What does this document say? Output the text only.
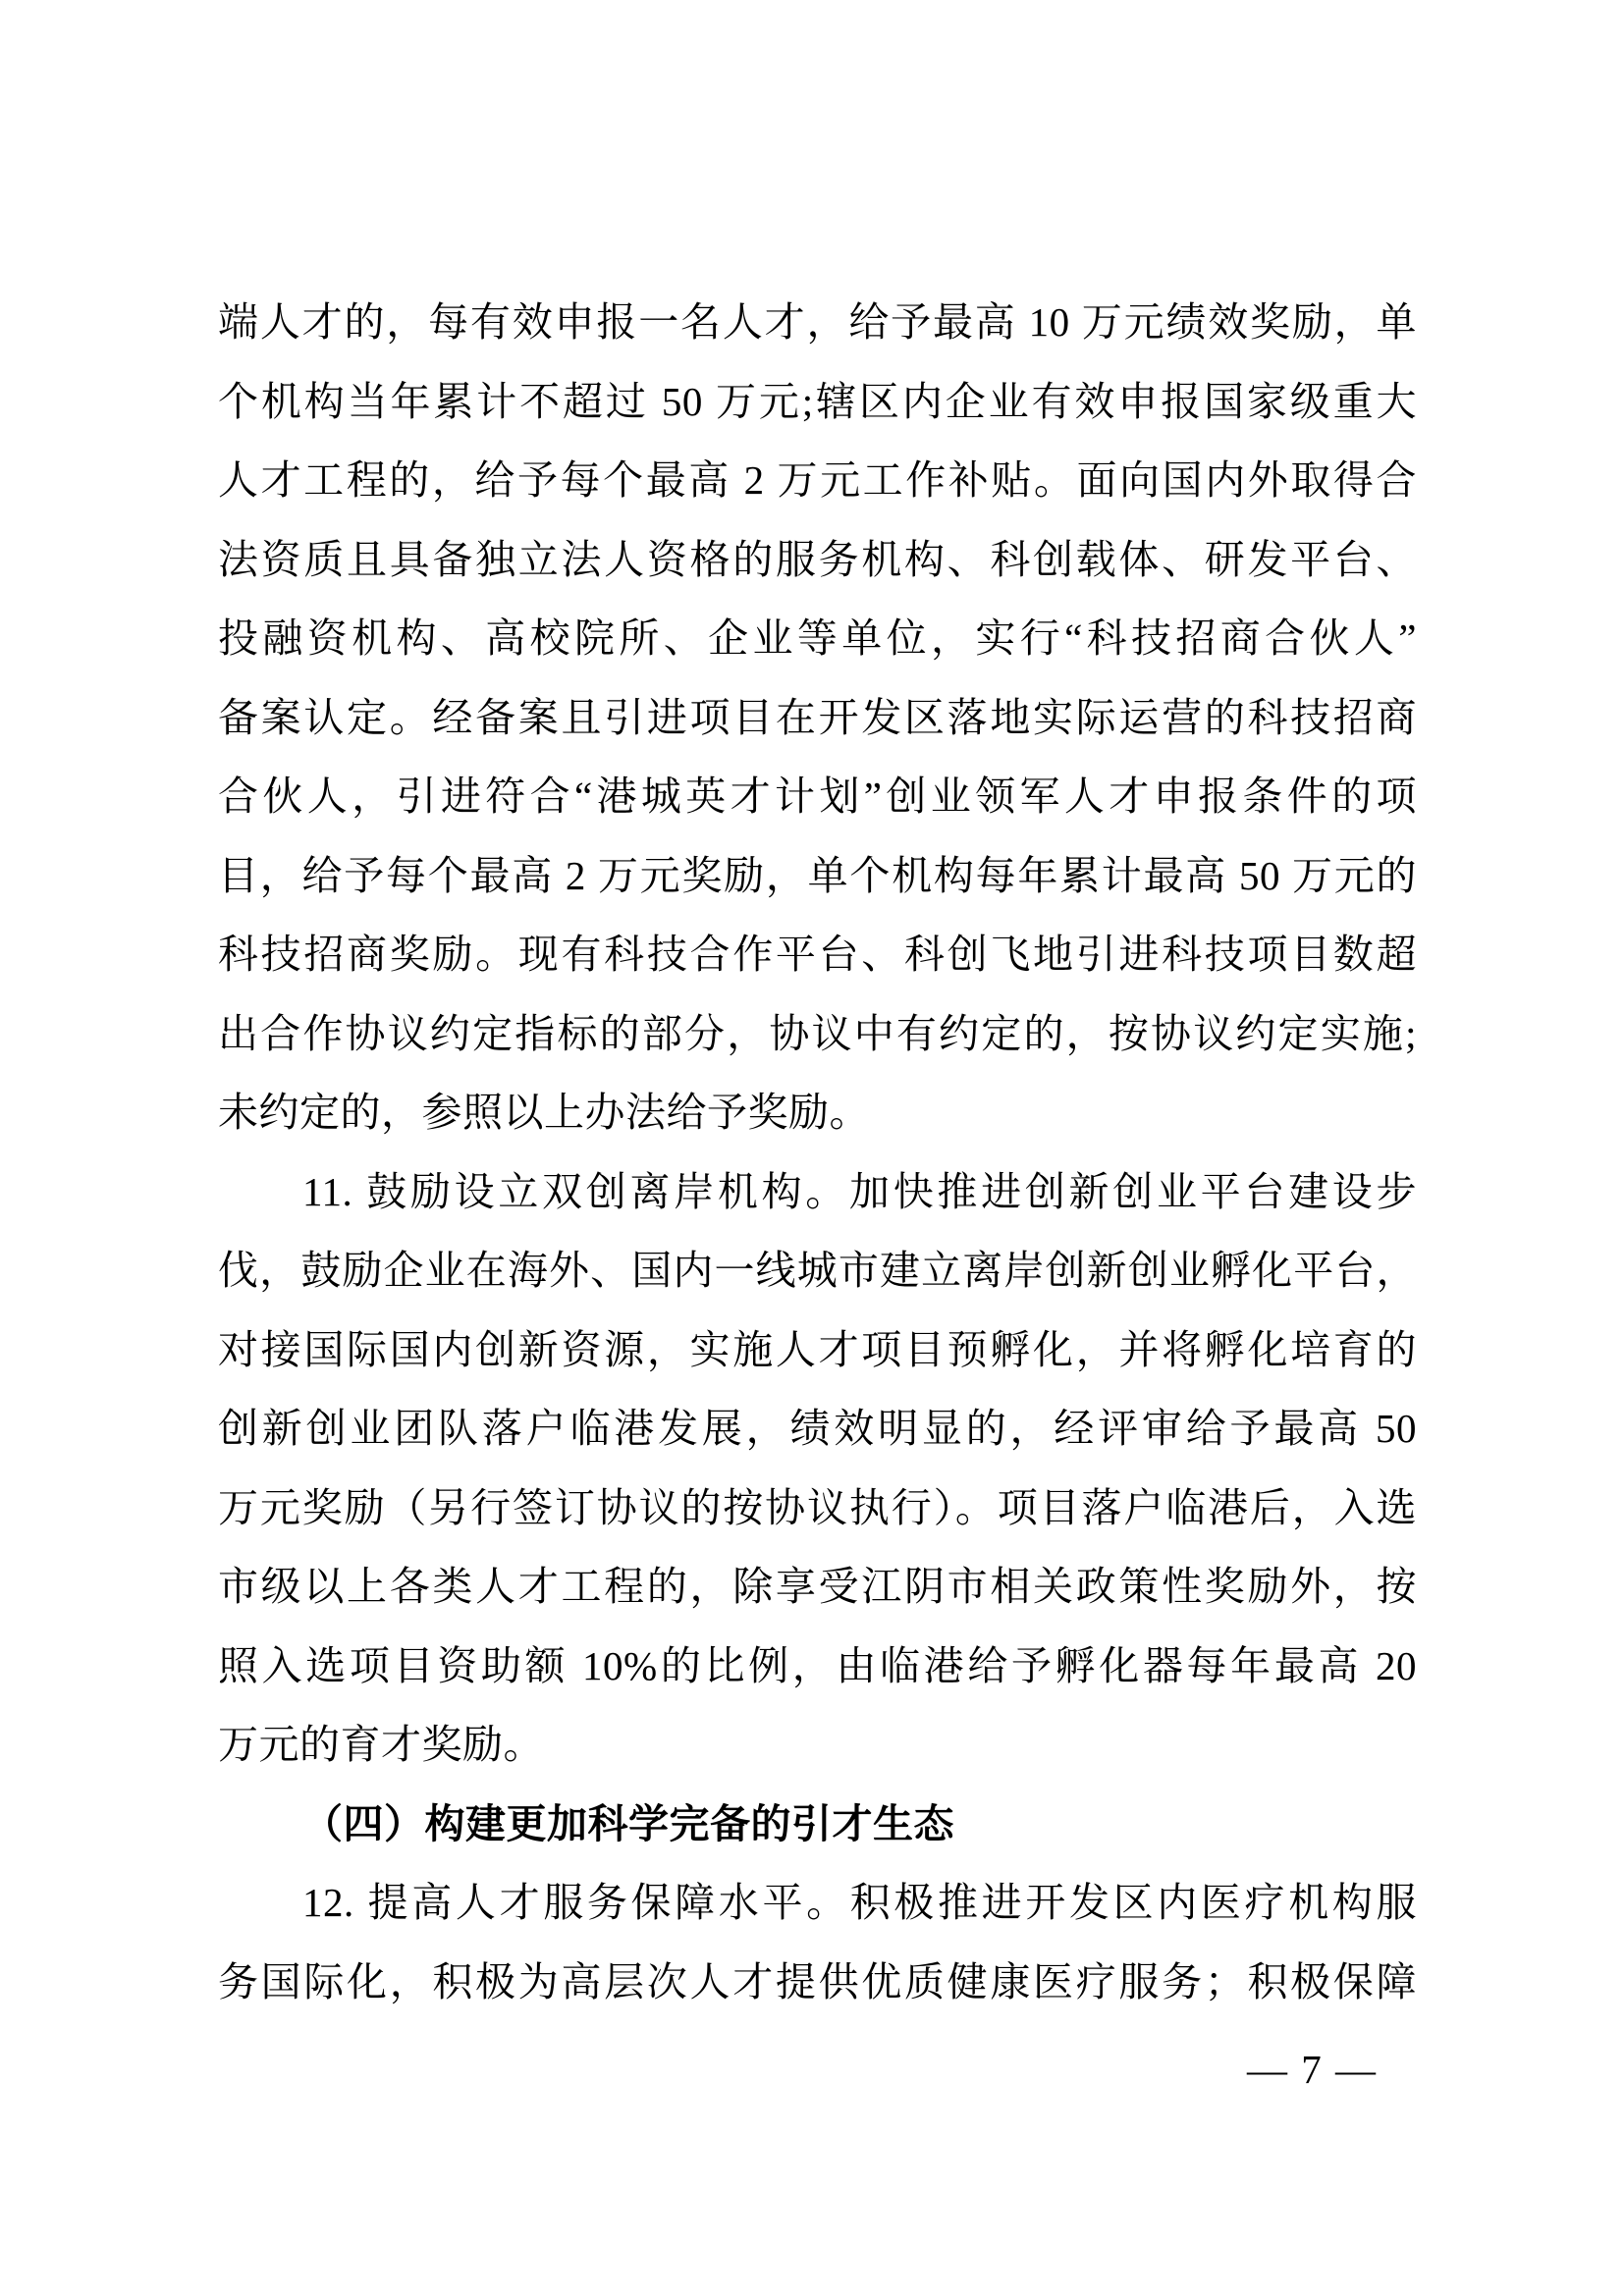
端人才的，每有效申报一名人才，给予最高 10 万元绩效奖励，单
个机构当年累计不超过 50 万元;辖区内企业有效申报国家级重大
人才工程的，给予每个最高 2 万元工作补贴。面向国内外取得合
法资质且具备独立法人资格的服务机构、科创载体、研发平台、
投融资机构、高校院所、企业等单位，实行“科技招商合伙人”
备案认定。经备案且引进项目在开发区落地实际运营的科技招商
合伙人，引进符合“港城英才计划”创业领军人才申报条件的项
目，给予每个最高 2 万元奖励，单个机构每年累计最高 50 万元的
科技招商奖励。现有科技合作平台、科创飞地引进科技项目数超
出合作协议约定指标的部分，协议中有约定的，按协议约定实施;
未约定的，参照以上办法给予奖励。
11. 鼓励设立双创离岸机构。加快推进创新创业平台建设步
伐，鼓励企业在海外、国内一线城市建立离岸创新创业孵化平台，
对接国际国内创新资源，实施人才项目预孵化，并将孵化培育的
创新创业团队落户临港发展，绩效明显的，经评审给予最高 50
万元奖励（另行签订协议的按协议执行）。项目落户临港后，入选
市级以上各类人才工程的，除享受江阴市相关政策性奖励外，按
照入选项目资助额 10%的比例，由临港给予孵化器每年最高 20
万元的育才奖励。
（四）构建更加科学完备的引才生态
12. 提高人才服务保障水平。积极推进开发区内医疗机构服
务国际化，积极为高层次人才提供优质健康医疗服务；积极保障
— 7 —
